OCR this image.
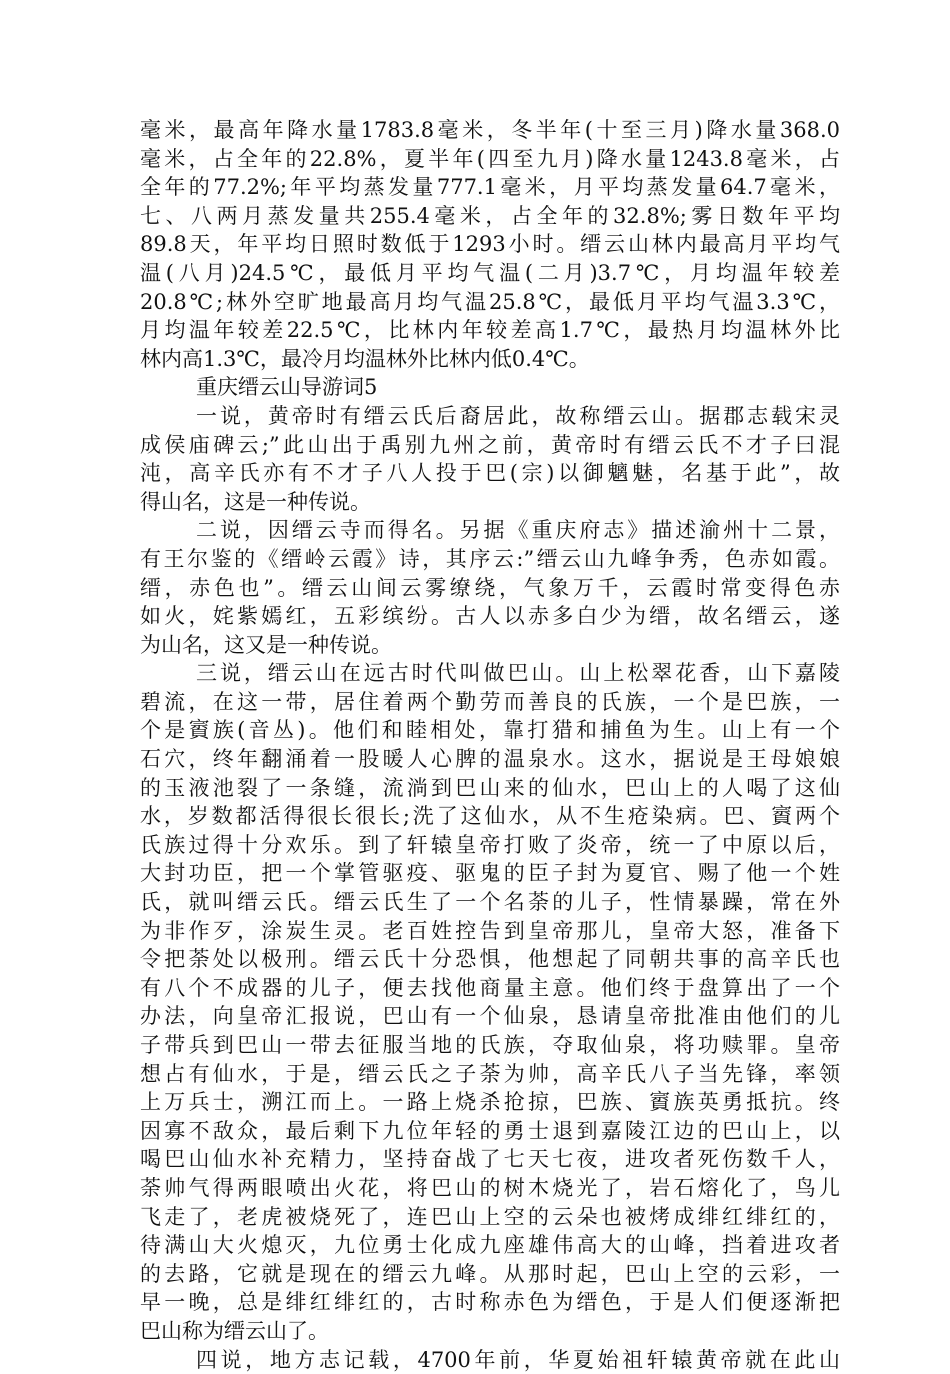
毫米，最高年降水量1783.8毫米，冬半年(十至三月)降水量368.0
毫米，占全年的22.8%，夏半年(四至九月)降水量1243.8毫米，占
全年的77.2%;年平均蒸发量777.1毫米，月平均蒸发量64.7毫米，
七、八两月蒸发量共255.4毫米，占全年的32.8%;雾日数年平均
89.8天，年平均日照时数低于1293小时。缙云山林内最高月平均气
温(八月)24.5℃，最低月平均气温(二月)3.7℃，月均温年较差
20.8℃;林外空旷地最高月均气温25.8℃，最低月平均气温3.3℃，
月均温年较差22.5℃，比林内年较差高1.7℃，最热月均温林外比
林内高1.3℃，最冷月均温林外比林内低0.4℃。
重庆缙云山导游词5
一说，黄帝时有缙云氏后裔居此，故称缙云山。据郡志载宋灵
成侯庙碑云;”此山出于禹别九州之前，黄帝时有缙云氏不才子曰混
沌，高辛氏亦有不才子八人投于巴(宗)以御魑魅，名基于此”，故
得山名，这是一种传说。
二说，因缙云寺而得名。另据《重庆府志》描述渝州十二景，
有王尔鉴的《缙岭云霞》诗，其序云:”缙云山九峰争秀，色赤如霞。
缙，赤色也”。缙云山间云雾缭绕，气象万千，云霞时常变得色赤
如火，姹紫嫣红，五彩缤纷。古人以赤多白少为缙，故名缙云，遂
为山名，这又是一种传说。
三说，缙云山在远古时代叫做巴山。山上松翠花香，山下嘉陵
碧流，在这一带，居住着两个勤劳而善良的氏族，一个是巴族，一
个是賨族(音丛)。他们和睦相处，靠打猎和捕鱼为生。山上有一个
石穴，终年翻涌着一股暖人心脾的温泉水。这水，据说是王母娘娘
的玉液池裂了一条缝，流淌到巴山来的仙水，巴山上的人喝了这仙
水，岁数都活得很长很长;洗了这仙水，从不生疮染病。巴、賨两个
氏族过得十分欢乐。到了轩辕皇帝打败了炎帝，统一了中原以后，
大封功臣，把一个掌管驱疫、驱鬼的臣子封为夏官、赐了他一个姓
氏，就叫缙云氏。缙云氏生了一个名荼的儿子，性情暴躁，常在外
为非作歹，涂炭生灵。老百姓控告到皇帝那儿，皇帝大怒，准备下
令把荼处以极刑。缙云氏十分恐惧，他想起了同朝共事的高辛氏也
有八个不成器的儿子，便去找他商量主意。他们终于盘算出了一个
办法，向皇帝汇报说，巴山有一个仙泉，恳请皇帝批准由他们的儿
子带兵到巴山一带去征服当地的氏族，夺取仙泉，将功赎罪。皇帝
想占有仙水，于是，缙云氏之子荼为帅，高辛氏八子当先锋，率领
上万兵士，溯江而上。一路上烧杀抢掠，巴族、賨族英勇抵抗。终
因寡不敌众，最后剩下九位年轻的勇士退到嘉陵江边的巴山上，以
喝巴山仙水补充精力，坚持奋战了七天七夜，进攻者死伤数千人，
荼帅气得两眼喷出火花，将巴山的树木烧光了，岩石熔化了，鸟儿
飞走了，老虎被烧死了，连巴山上空的云朵也被烤成绯红绯红的，
待满山大火熄灭，九位勇士化成九座雄伟高大的山峰，挡着进攻者
的去路，它就是现在的缙云九峰。从那时起，巴山上空的云彩，一
早一晚，总是绯红绯红的，古时称赤色为缙色，于是人们便逐渐把
巴山称为缙云山了。
四说，地方志记载，4700年前，华夏始祖轩辕黄帝就在此山
